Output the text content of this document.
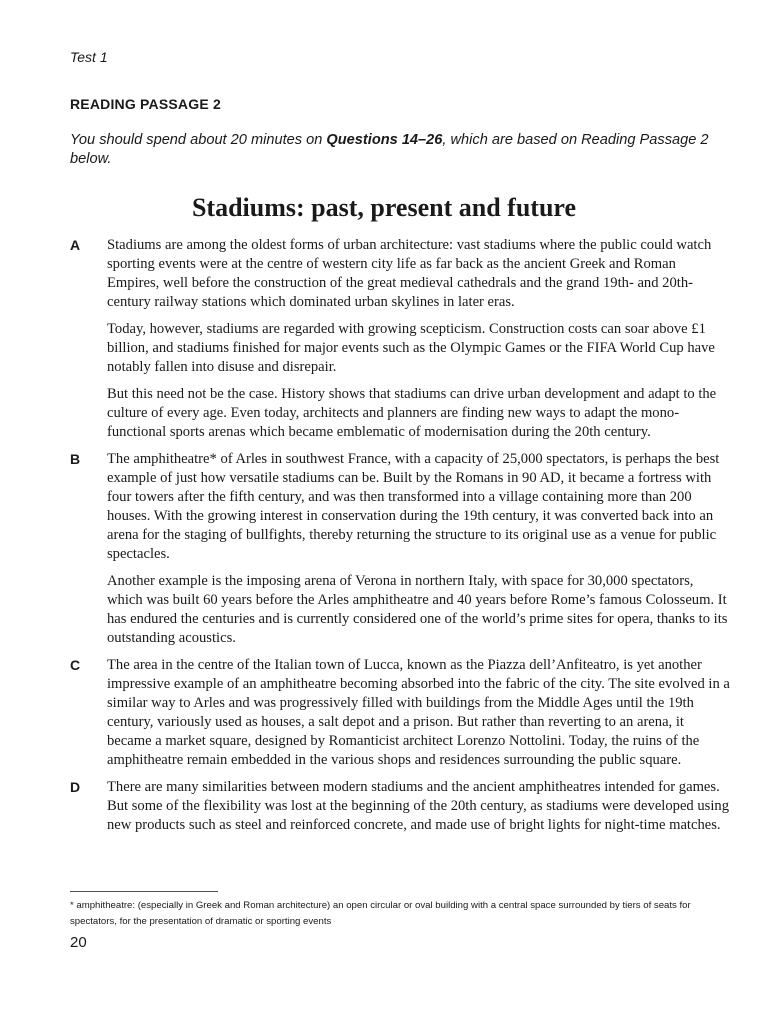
Test 1
READING PASSAGE 2
You should spend about 20 minutes on Questions 14–26, which are based on Reading Passage 2 below.
Stadiums: past, present and future
A Stadiums are among the oldest forms of urban architecture: vast stadiums where the public could watch sporting events were at the centre of western city life as far back as the ancient Greek and Roman Empires, well before the construction of the great medieval cathedrals and the grand 19th- and 20th-century railway stations which dominated urban skylines in later eras.

Today, however, stadiums are regarded with growing scepticism. Construction costs can soar above £1 billion, and stadiums finished for major events such as the Olympic Games or the FIFA World Cup have notably fallen into disuse and disrepair.

But this need not be the case. History shows that stadiums can drive urban development and adapt to the culture of every age. Even today, architects and planners are finding new ways to adapt the mono-functional sports arenas which became emblematic of modernisation during the 20th century.

B The amphitheatre* of Arles in southwest France, with a capacity of 25,000 spectators, is perhaps the best example of just how versatile stadiums can be. Built by the Romans in 90 AD, it became a fortress with four towers after the fifth century, and was then transformed into a village containing more than 200 houses. With the growing interest in conservation during the 19th century, it was converted back into an arena for the staging of bullfights, thereby returning the structure to its original use as a venue for public spectacles.

Another example is the imposing arena of Verona in northern Italy, with space for 30,000 spectators, which was built 60 years before the Arles amphitheatre and 40 years before Rome’s famous Colosseum. It has endured the centuries and is currently considered one of the world’s prime sites for opera, thanks to its outstanding acoustics.

C The area in the centre of the Italian town of Lucca, known as the Piazza dell’Anfiteatro, is yet another impressive example of an amphitheatre becoming absorbed into the fabric of the city. The site evolved in a similar way to Arles and was progressively filled with buildings from the Middle Ages until the 19th century, variously used as houses, a salt depot and a prison. But rather than reverting to an arena, it became a market square, designed by Romanticist architect Lorenzo Nottolini. Today, the ruins of the amphitheatre remain embedded in the various shops and residences surrounding the public square.

D There are many similarities between modern stadiums and the ancient amphitheatres intended for games. But some of the flexibility was lost at the beginning of the 20th century, as stadiums were developed using new products such as steel and reinforced concrete, and made use of bright lights for night-time matches.

* amphitheatre: (especially in Greek and Roman architecture) an open circular or oval building with a central space surrounded by tiers of seats for spectators, for the presentation of dramatic or sporting events
20
